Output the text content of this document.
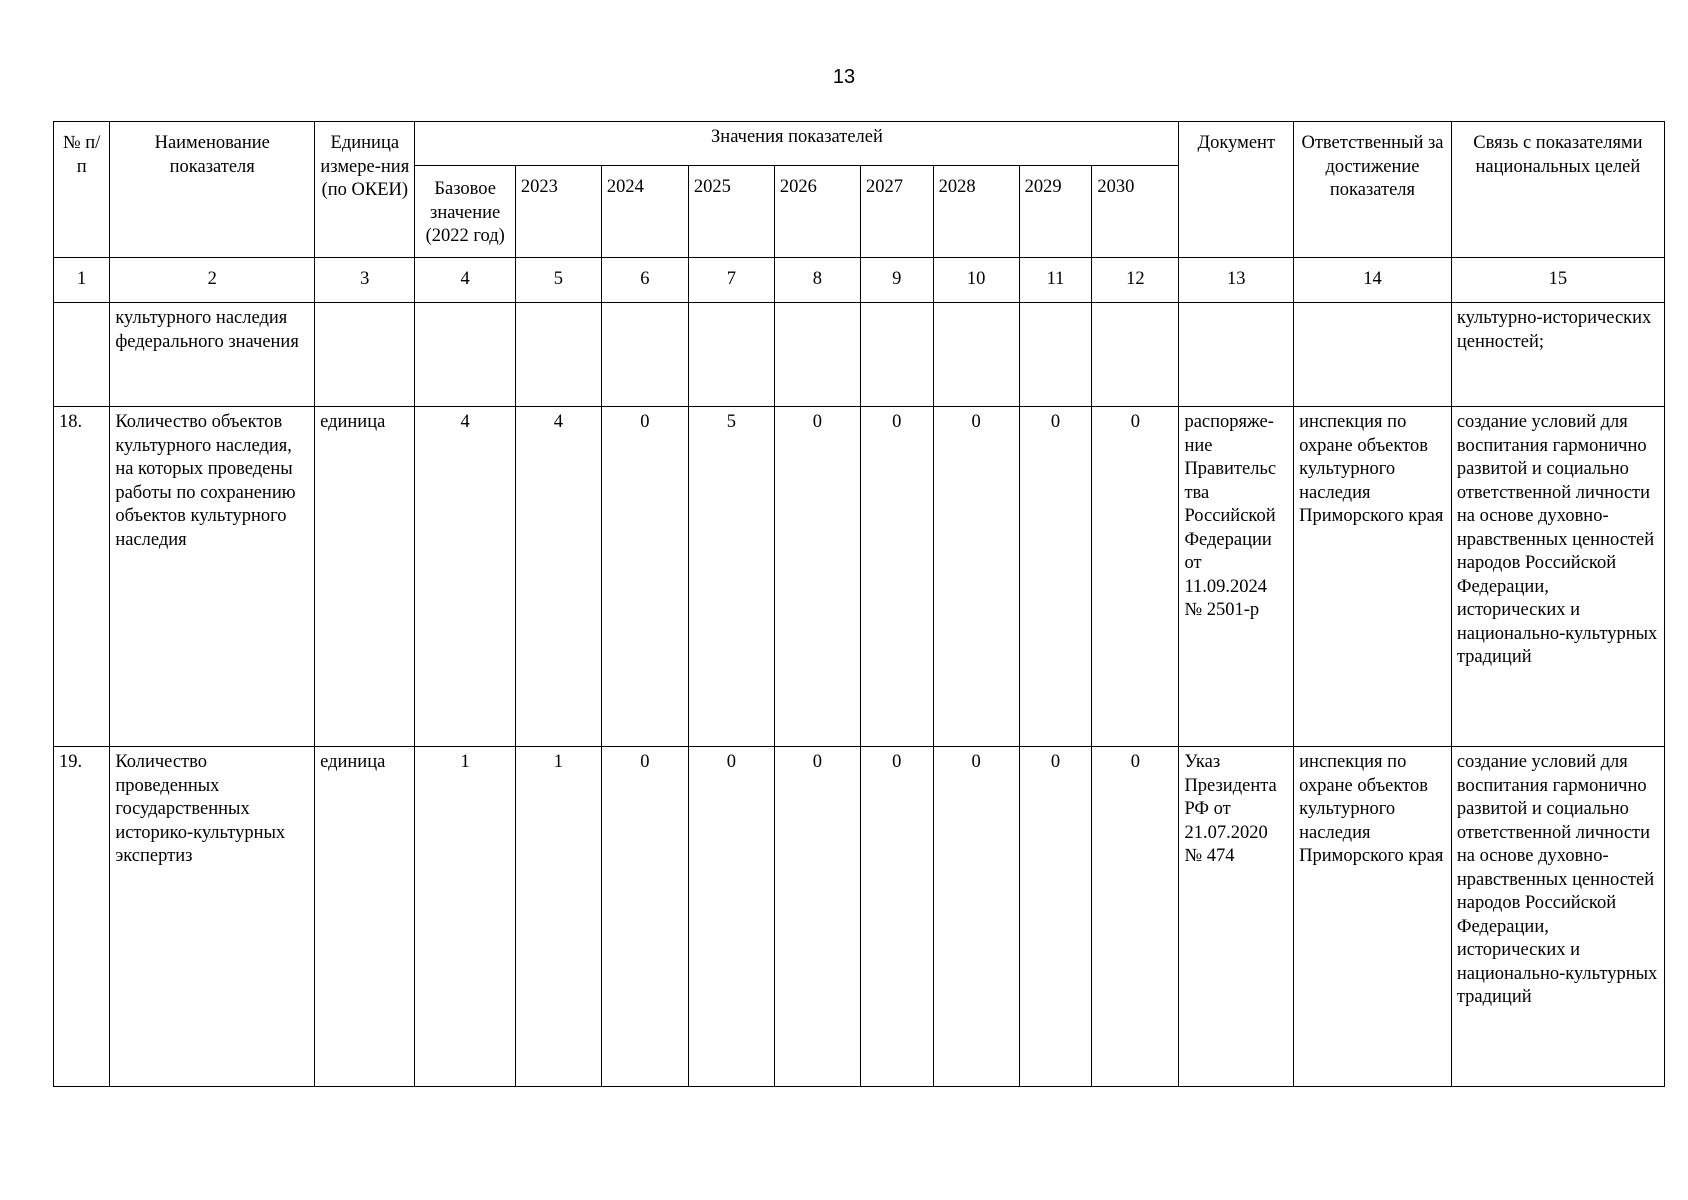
13
№ п/п	Наименование показателя	Единица измере-ния (по ОКЕИ)	Значения показателей									Документ	Ответственный за достижение показателя	Связь с показателями национальных целей
			Базовое значение (2022 год)	2023	2024	2025	2026	2027	2028	2029	2030			
1	2	3	4	5	6	7	8	9	10	11	12	13	14	15
	культурного наследия федерального значения													культурно-исторических ценностей;
18.	Количество объектов культурного наследия, на которых проведены работы по сохранению объектов культурного наследия	единица	4	4	0	5	0	0	0	0	0	распоряже-ние Правительс тва Российской Федерации от 11.09.2024 № 2501-р	инспекция по охране объектов культурного наследия Приморского края	создание условий для воспитания гармонично развитой и социально ответственной личности на основе духовно-нравственных ценностей народов Российской Федерации, исторических и национально-культурных традиций
19.	Количество проведенных государственных историко-культурных экспертиз	единица	1	1	0	0	0	0	0	0	0	Указ Президента РФ от 21.07.2020 № 474	инспекция по охране объектов культурного наследия Приморского края	создание условий для воспитания гармонично развитой и социально ответственной личности на основе духовно-нравственных ценностей народов Российской Федерации, исторических и национально-культурных традиций
